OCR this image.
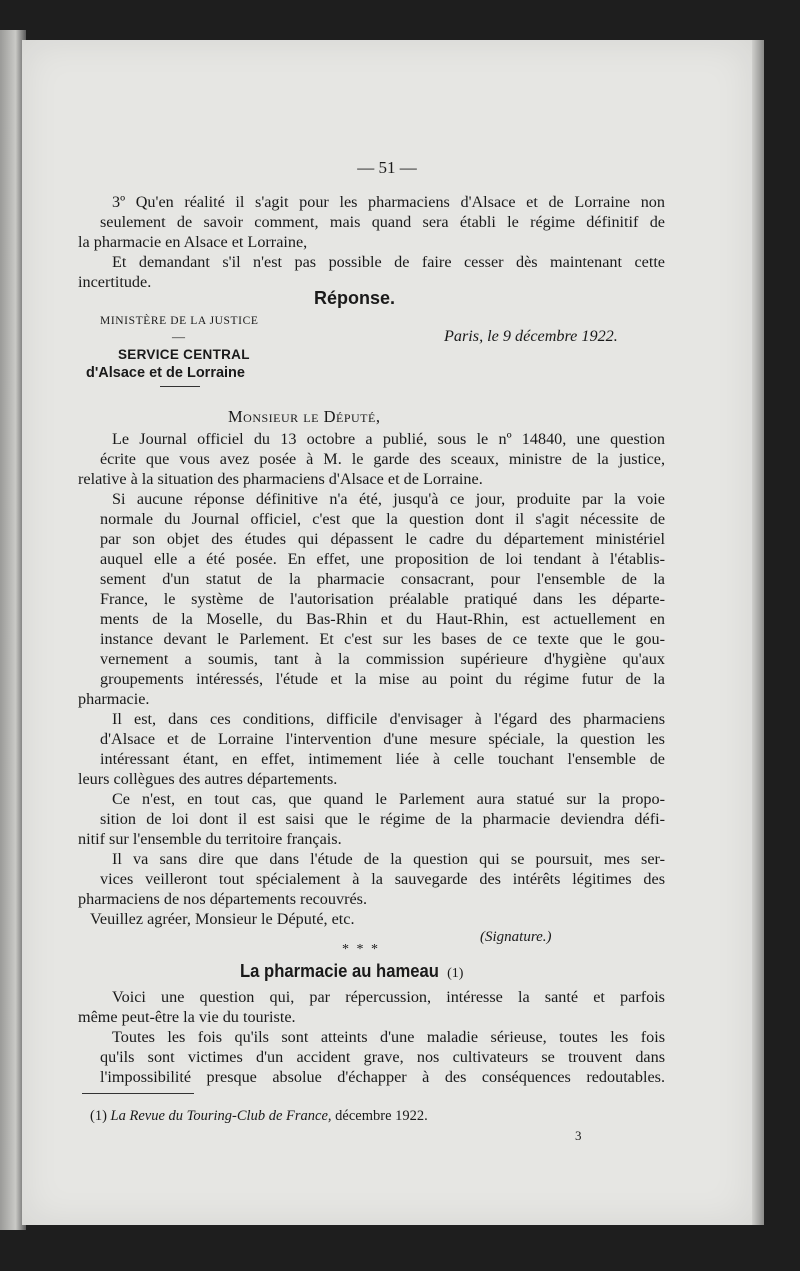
— 51 —
3º Qu'en réalité il s'agit pour les pharmaciens d'Alsace et de Lorraine non
seulement de savoir comment, mais quand sera établi le régime définitif de
la pharmacie en Alsace et Lorraine,
Et demandant s'il n'est pas possible de faire cesser dès maintenant cette
incertitude.
Réponse.
MINISTÈRE DE LA JUSTICE
—
SERVICE CENTRAL
d'Alsace et de Lorraine
Paris, le 9 décembre 1922.
Monsieur le Député,
Le Journal officiel du 13 octobre a publié, sous le nº 14840, une question
écrite que vous avez posée à M. le garde des sceaux, ministre de la justice,
relative à la situation des pharmaciens d'Alsace et de Lorraine.
Si aucune réponse définitive n'a été, jusqu'à ce jour, produite par la voie
normale du Journal officiel, c'est que la question dont il s'agit nécessite de
par son objet des études qui dépassent le cadre du département ministériel
auquel elle a été posée. En effet, une proposition de loi tendant à l'établis-
sement d'un statut de la pharmacie consacrant, pour l'ensemble de la
France, le système de l'autorisation préalable pratiqué dans les départe-
ments de la Moselle, du Bas-Rhin et du Haut-Rhin, est actuellement en
instance devant le Parlement. Et c'est sur les bases de ce texte que le gou-
vernement a soumis, tant à la commission supérieure d'hygiène qu'aux
groupements intéressés, l'étude et la mise au point du régime futur de la
pharmacie.
Il est, dans ces conditions, difficile d'envisager à l'égard des pharmaciens
d'Alsace et de Lorraine l'intervention d'une mesure spéciale, la question les
intéressant étant, en effet, intimement liée à celle touchant l'ensemble de
leurs collègues des autres départements.
Ce n'est, en tout cas, que quand le Parlement aura statué sur la propo-
sition de loi dont il est saisi que le régime de la pharmacie deviendra défi-
nitif sur l'ensemble du territoire français.
Il va sans dire que dans l'étude de la question qui se poursuit, mes ser-
vices veilleront tout spécialement à la sauvegarde des intérêts légitimes des
pharmaciens de nos départements recouvrés.
Veuillez agréer, Monsieur le Député, etc.
(Signature.)
* * *
La pharmacie au hameau (1)
Voici une question qui, par répercussion, intéresse la santé et parfois
même peut-être la vie du touriste.
Toutes les fois qu'ils sont atteints d'une maladie sérieuse, toutes les fois
qu'ils sont victimes d'un accident grave, nos cultivateurs se trouvent dans
l'impossibilité presque absolue d'échapper à des conséquences redoutables.
(1) La Revue du Touring-Club de France, décembre 1922.
3
